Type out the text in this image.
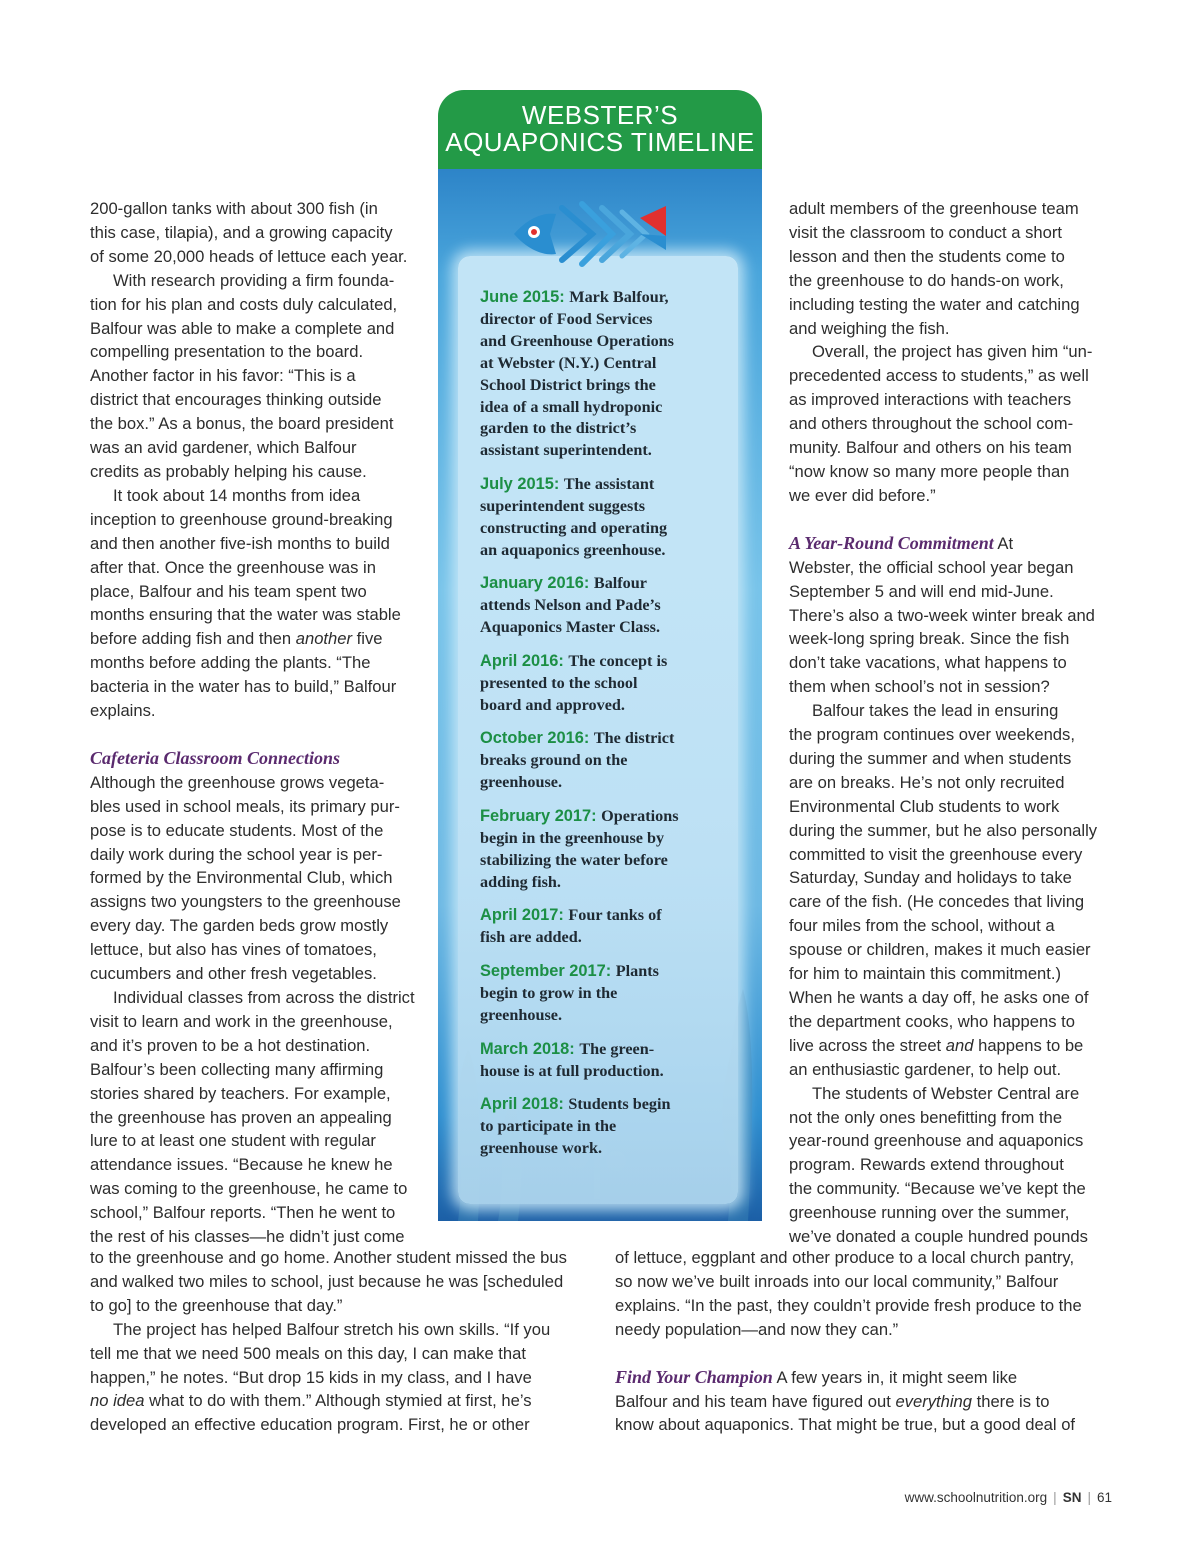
200-gallon tanks with about 300 fish (in

this case, tilapia), and a growing capacity

of some 20,000 heads of lettuce each year.

With research providing a firm founda-

tion for his plan and costs duly calculated,

Balfour was able to make a complete and

compelling presentation to the board.

Another factor in his favor: “This is a

district that encourages thinking outside

the box.” As a bonus, the board president

was an avid gardener, which Balfour

credits as probably helping his cause.

It took about 14 months from idea

inception to greenhouse ground-breaking

and then another five-ish months to build

after that. Once the greenhouse was in

place, Balfour and his team spent two

months ensuring that the water was stable

before adding fish and then another five

months before adding the plants. “The

bacteria in the water has to build,” Balfour

explains.

Cafeteria Classroom Connections

Although the greenhouse grows vegeta-

bles used in school meals, its primary pur-

pose is to educate students. Most of the

daily work during the school year is per-

formed by the Environmental Club, which

assigns two youngsters to the greenhouse

every day. The garden beds grow mostly

lettuce, but also has vines of tomatoes,

cucumbers and other fresh vegetables.

Individual classes from across the district

visit to learn and work in the greenhouse,

and it’s proven to be a hot destination.

Balfour’s been collecting many affirming

stories shared by teachers. For example,

the greenhouse has proven an appealing

lure to at least one student with regular

attendance issues. “Because he knew he

was coming to the greenhouse, he came to

school,” Balfour reports. “Then he went to

the rest of his classes—he didn’t just come

to the greenhouse and go home. Another student missed the bus

and walked two miles to school, just because he was [scheduled

to go] to the greenhouse that day.”

The project has helped Balfour stretch his own skills. “If you

tell me that we need 500 meals on this day, I can make that

happen,” he notes. “But drop 15 kids in my class, and I have

no idea what to do with them.” Although stymied at first, he’s

developed an effective education program. First, he or other

WEBSTER’S
AQUAPONICS TIMELINE
June 2015: Mark Balfour,
director of Food Services
and Greenhouse Operations
at Webster (N.Y.) Central
School District brings the
idea of a small hydroponic
garden to the district’s
assistant superintendent.
July 2015: The assistant
superintendent suggests
constructing and operating
an aquaponics greenhouse.
January 2016: Balfour
attends Nelson and Pade’s
Aquaponics Master Class.
April 2016: The concept is
presented to the school
board and approved.
October 2016: The district
breaks ground on the
greenhouse.
February 2017: Operations
begin in the greenhouse by
stabilizing the water before
adding fish.
April 2017: Four tanks of
fish are added.
September 2017: Plants
begin to grow in the
greenhouse.
March 2018: The green-
house is at full production.
April 2018: Students begin
to participate in the
greenhouse work.

adult members of the greenhouse team

visit the classroom to conduct a short

lesson and then the students come to

the greenhouse to do hands-on work,

including testing the water and catching

and weighing the fish.

Overall, the project has given him “un-

precedented access to students,” as well

as improved interactions with teachers

and others throughout the school com-

munity. Balfour and others on his team

“now know so many more people than

we ever did before.”

A Year-Round Commitment At

Webster, the official school year began

September 5 and will end mid-June.

There’s also a two-week winter break and

week-long spring break. Since the fish

don’t take vacations, what happens to

them when school’s not in session?

Balfour takes the lead in ensuring

the program continues over weekends,

during the summer and when students

are on breaks. He’s not only recruited

Environmental Club students to work

during the summer, but he also personally

committed to visit the greenhouse every

Saturday, Sunday and holidays to take

care of the fish. (He concedes that living

four miles from the school, without a

spouse or children, makes it much easier

for him to maintain this commitment.)

When he wants a day off, he asks one of

the department cooks, who happens to

live across the street and happens to be

an enthusiastic gardener, to help out.

The students of Webster Central are

not the only ones benefitting from the

year-round greenhouse and aquaponics

program. Rewards extend throughout

the community. “Because we’ve kept the

greenhouse running over the summer,

we’ve donated a couple hundred pounds

of lettuce, eggplant and other produce to a local church pantry,

so now we’ve built inroads into our local community,” Balfour

explains. “In the past, they couldn’t provide fresh produce to the

needy population—and now they can.”

Find Your Champion A few years in, it might seem like

Balfour and his team have figured out everything there is to

know about aquaponics. That might be true, but a good deal of

www.schoolnutrition.org | SN | 61
